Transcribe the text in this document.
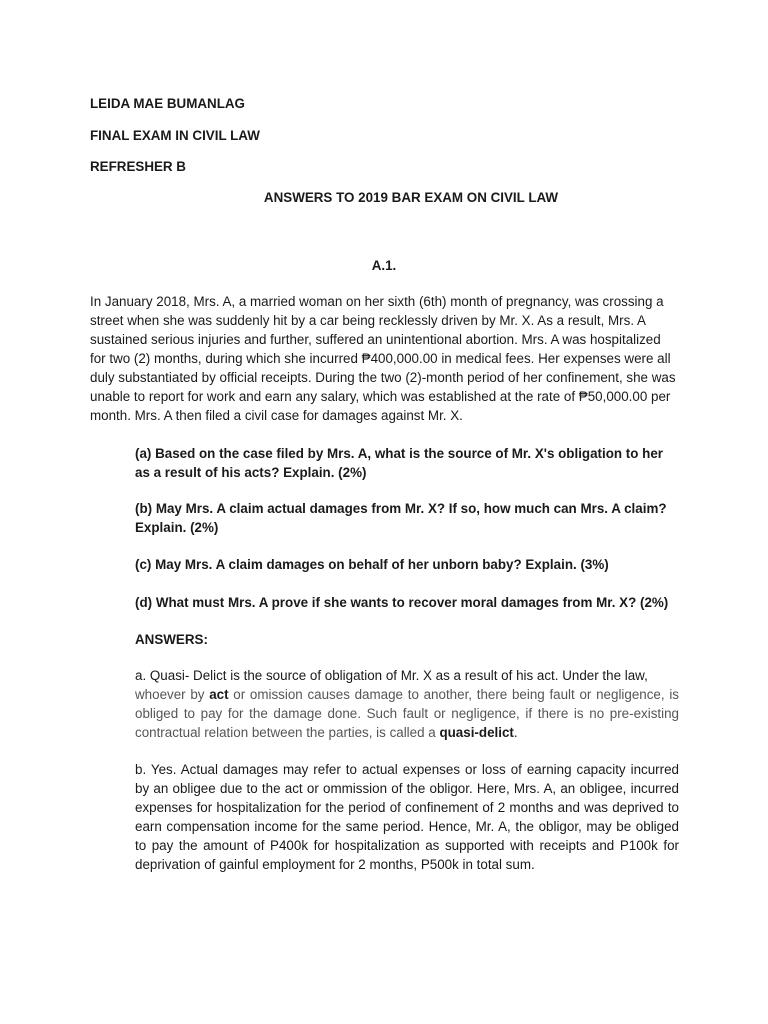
LEIDA MAE BUMANLAG
FINAL EXAM IN CIVIL LAW
REFRESHER B
ANSWERS TO 2019 BAR EXAM ON CIVIL LAW
A.1.

In January 2018, Mrs. A, a married woman on her sixth (6th) month of pregnancy, was crossing a street when she was suddenly hit by a car being recklessly driven by Mr. X. As a result, Mrs. A sustained serious injuries and further, suffered an unintentional abortion. Mrs. A was hospitalized for two (2) months, during which she incurred ₱400,000.00 in medical fees. Her expenses were all duly substantiated by official receipts. During the two (2)-month period of her confinement, she was unable to report for work and earn any salary, which was established at the rate of ₱50,000.00 per month. Mrs. A then filed a civil case for damages against Mr. X.

(a) Based on the case filed by Mrs. A, what is the source of Mr. X's obligation to her as a result of his acts? Explain. (2%)

(b) May Mrs. A claim actual damages from Mr. X? If so, how much can Mrs. A claim? Explain. (2%)

(c) May Mrs. A claim damages on behalf of her unborn baby? Explain. (3%)

(d) What must Mrs. A prove if she wants to recover moral damages from Mr. X? (2%)

ANSWERS:

a. Quasi- Delict is the source of obligation of Mr. X as a result of his act. Under the law,
whoever by act or omission causes damage to another, there being fault or negligence, is obliged to pay for the damage done. Such fault or negligence, if there is no pre-existing contractual relation between the parties, is called a quasi-delict.

b. Yes. Actual damages may refer to actual expenses or loss of earning capacity incurred by an obligee due to the act or ommission of the obligor. Here, Mrs. A, an obligee, incurred expenses for hospitalization for the period of confinement of 2 months and was deprived to earn compensation income for the same period. Hence, Mr. A, the obligor, may be obliged to pay the amount of P400k for hospitalization as supported with receipts and P100k for deprivation of gainful employment for 2 months, P500k in total sum.
